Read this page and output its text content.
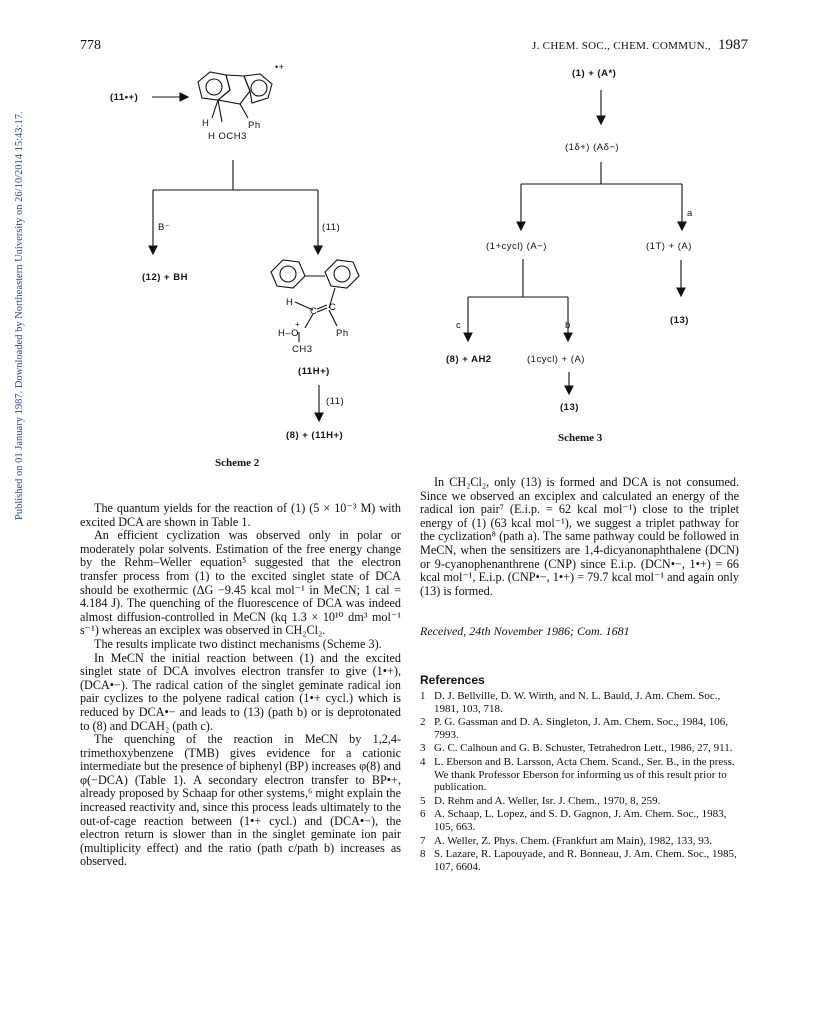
778	J. CHEM. SOC., CHEM. COMMUN., 1987
Published on 01 January 1987. Downloaded by Northeastern University on 26/10/2014 15:43:17.
(11•+)
•+
H	Ph
H OCH3
B⁻	(11)
(12) + BH
H
C C
H–O
+
Ph
CH3
(11H+)
(11)
(8) + (11H+)
Scheme 2
(1) + (A*)
(1δ+) (Aδ−)
a
(1+cycl) (A−)	(1T) + (A)
(13)
c	b
(8) + AH2	(1cycl) + (A)
(13)
Scheme 3

The quantum yields for the reaction of (1) (5 × 10⁻³ M) with excited DCA are shown in Table 1.

An efficient cyclization was observed only in polar or moderately polar solvents. Estimation of the free energy change by the Rehm–Weller equation⁵ suggested that the electron transfer process from (1) to the excited singlet state of DCA should be exothermic (ΔG −9.45 kcal mol⁻¹ in MeCN; 1 cal = 4.184 J). The quenching of the fluorescence of DCA was indeed almost diffusion-controlled in MeCN (kq 1.3 × 10¹⁰ dm³ mol⁻¹ s⁻¹) whereas an exciplex was observed in CH₂Cl₂.

The results implicate two distinct mechanisms (Scheme 3).

In MeCN the initial reaction between (1) and the excited singlet state of DCA involves electron transfer to give (1•+), (DCA•−). The radical cation of the singlet geminate radical ion pair cyclizes to the polyene radical cation (1•+ cycl.) which is reduced by DCA•− and leads to (13) (path b) or is deprotonated to (8) and DCAH₂ (path c).

The quenching of the reaction in MeCN by 1,2,4-trimethoxybenzene (TMB) gives evidence for a cationic intermediate but the presence of biphenyl (BP) increases φ(8) and φ(−DCA) (Table 1). A secondary electron transfer to BP•+, already proposed by Schaap for other systems,⁶ might explain the increased reactivity and, since this process leads ultimately to the out-of-cage reaction between (1•+ cycl.) and (DCA•−), the electron return is slower than in the singlet geminate ion pair (multiplicity effect) and the ratio (path c/path b) increases as observed.

In CH₂Cl₂, only (13) is formed and DCA is not consumed. Since we observed an exciplex and calculated an energy of the radical ion pair⁷ (E.i.p. = 62 kcal mol⁻¹) close to the triplet energy of (1) (63 kcal mol⁻¹), we suggest a triplet pathway for the cyclization⁸ (path a). The same pathway could be followed in MeCN, when the sensitizers are 1,4-dicyanonaphthalene (DCN) or 9-cyanophenanthrene (CNP) since E.i.p. (DCN•−, 1•+) = 66 kcal mol⁻¹, E.i.p. (CNP•−, 1•+) = 79.7 kcal mol⁻¹ and again only (13) is formed.

Received, 24th November 1986; Com. 1681
References
1 D. J. Bellville, D. W. Wirth, and N. L. Bauld, J. Am. Chem. Soc., 1981, 103, 718.
2 P. G. Gassman and D. A. Singleton, J. Am. Chem. Soc., 1984, 106, 7993.
3 G. C. Calhoun and G. B. Schuster, Tetrahedron Lett., 1986, 27, 911.
4 L. Eberson and B. Larsson, Acta Chem. Scand., Ser. B., in the press. We thank Professor Eberson for informing us of this result prior to publication.
5 D. Rehm and A. Weller, Isr. J. Chem., 1970, 8, 259.
6 A. Schaap, L. Lopez, and S. D. Gagnon, J. Am. Chem. Soc., 1983, 105, 663.
7 A. Weller, Z. Phys. Chem. (Frankfurt am Main), 1982, 133, 93.
8 S. Lazare, R. Lapouyade, and R. Bonneau, J. Am. Chem. Soc., 1985, 107, 6604.
